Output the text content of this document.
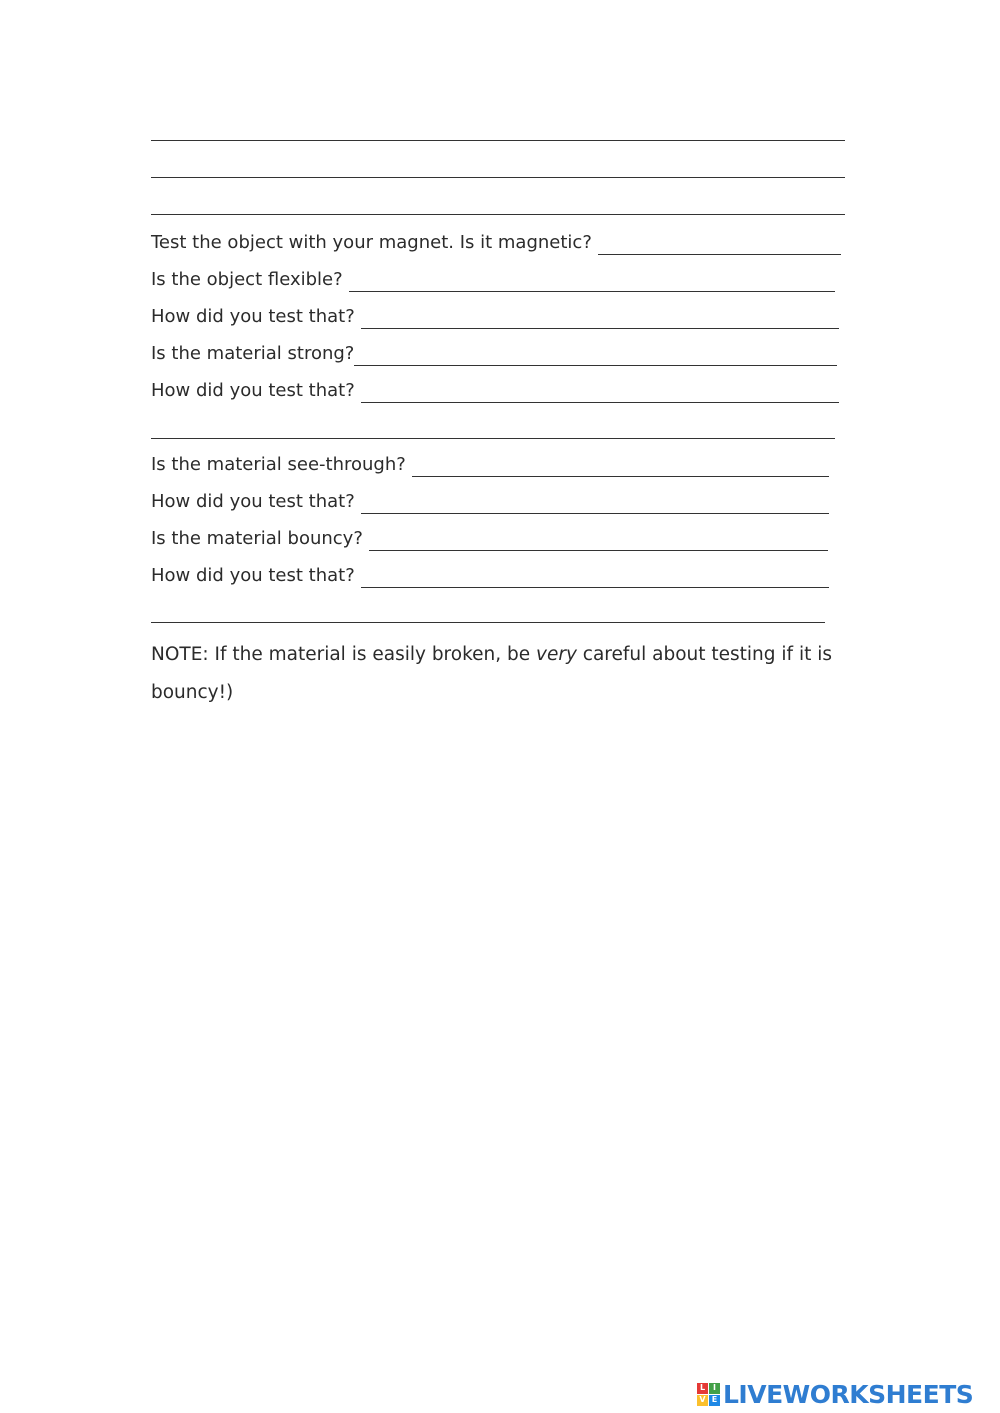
Test the object with your magnet. Is it magnetic?
Is the object flexible?
How did you test that?
Is the material strong?
How did you test that?
Is the material see-through?
How did you test that?
Is the material bouncy?
How did you test that?
NOTE: If the material is easily broken, be very careful about testing if it is bouncy!)
L I
V E LIVEWORKSHEETS
